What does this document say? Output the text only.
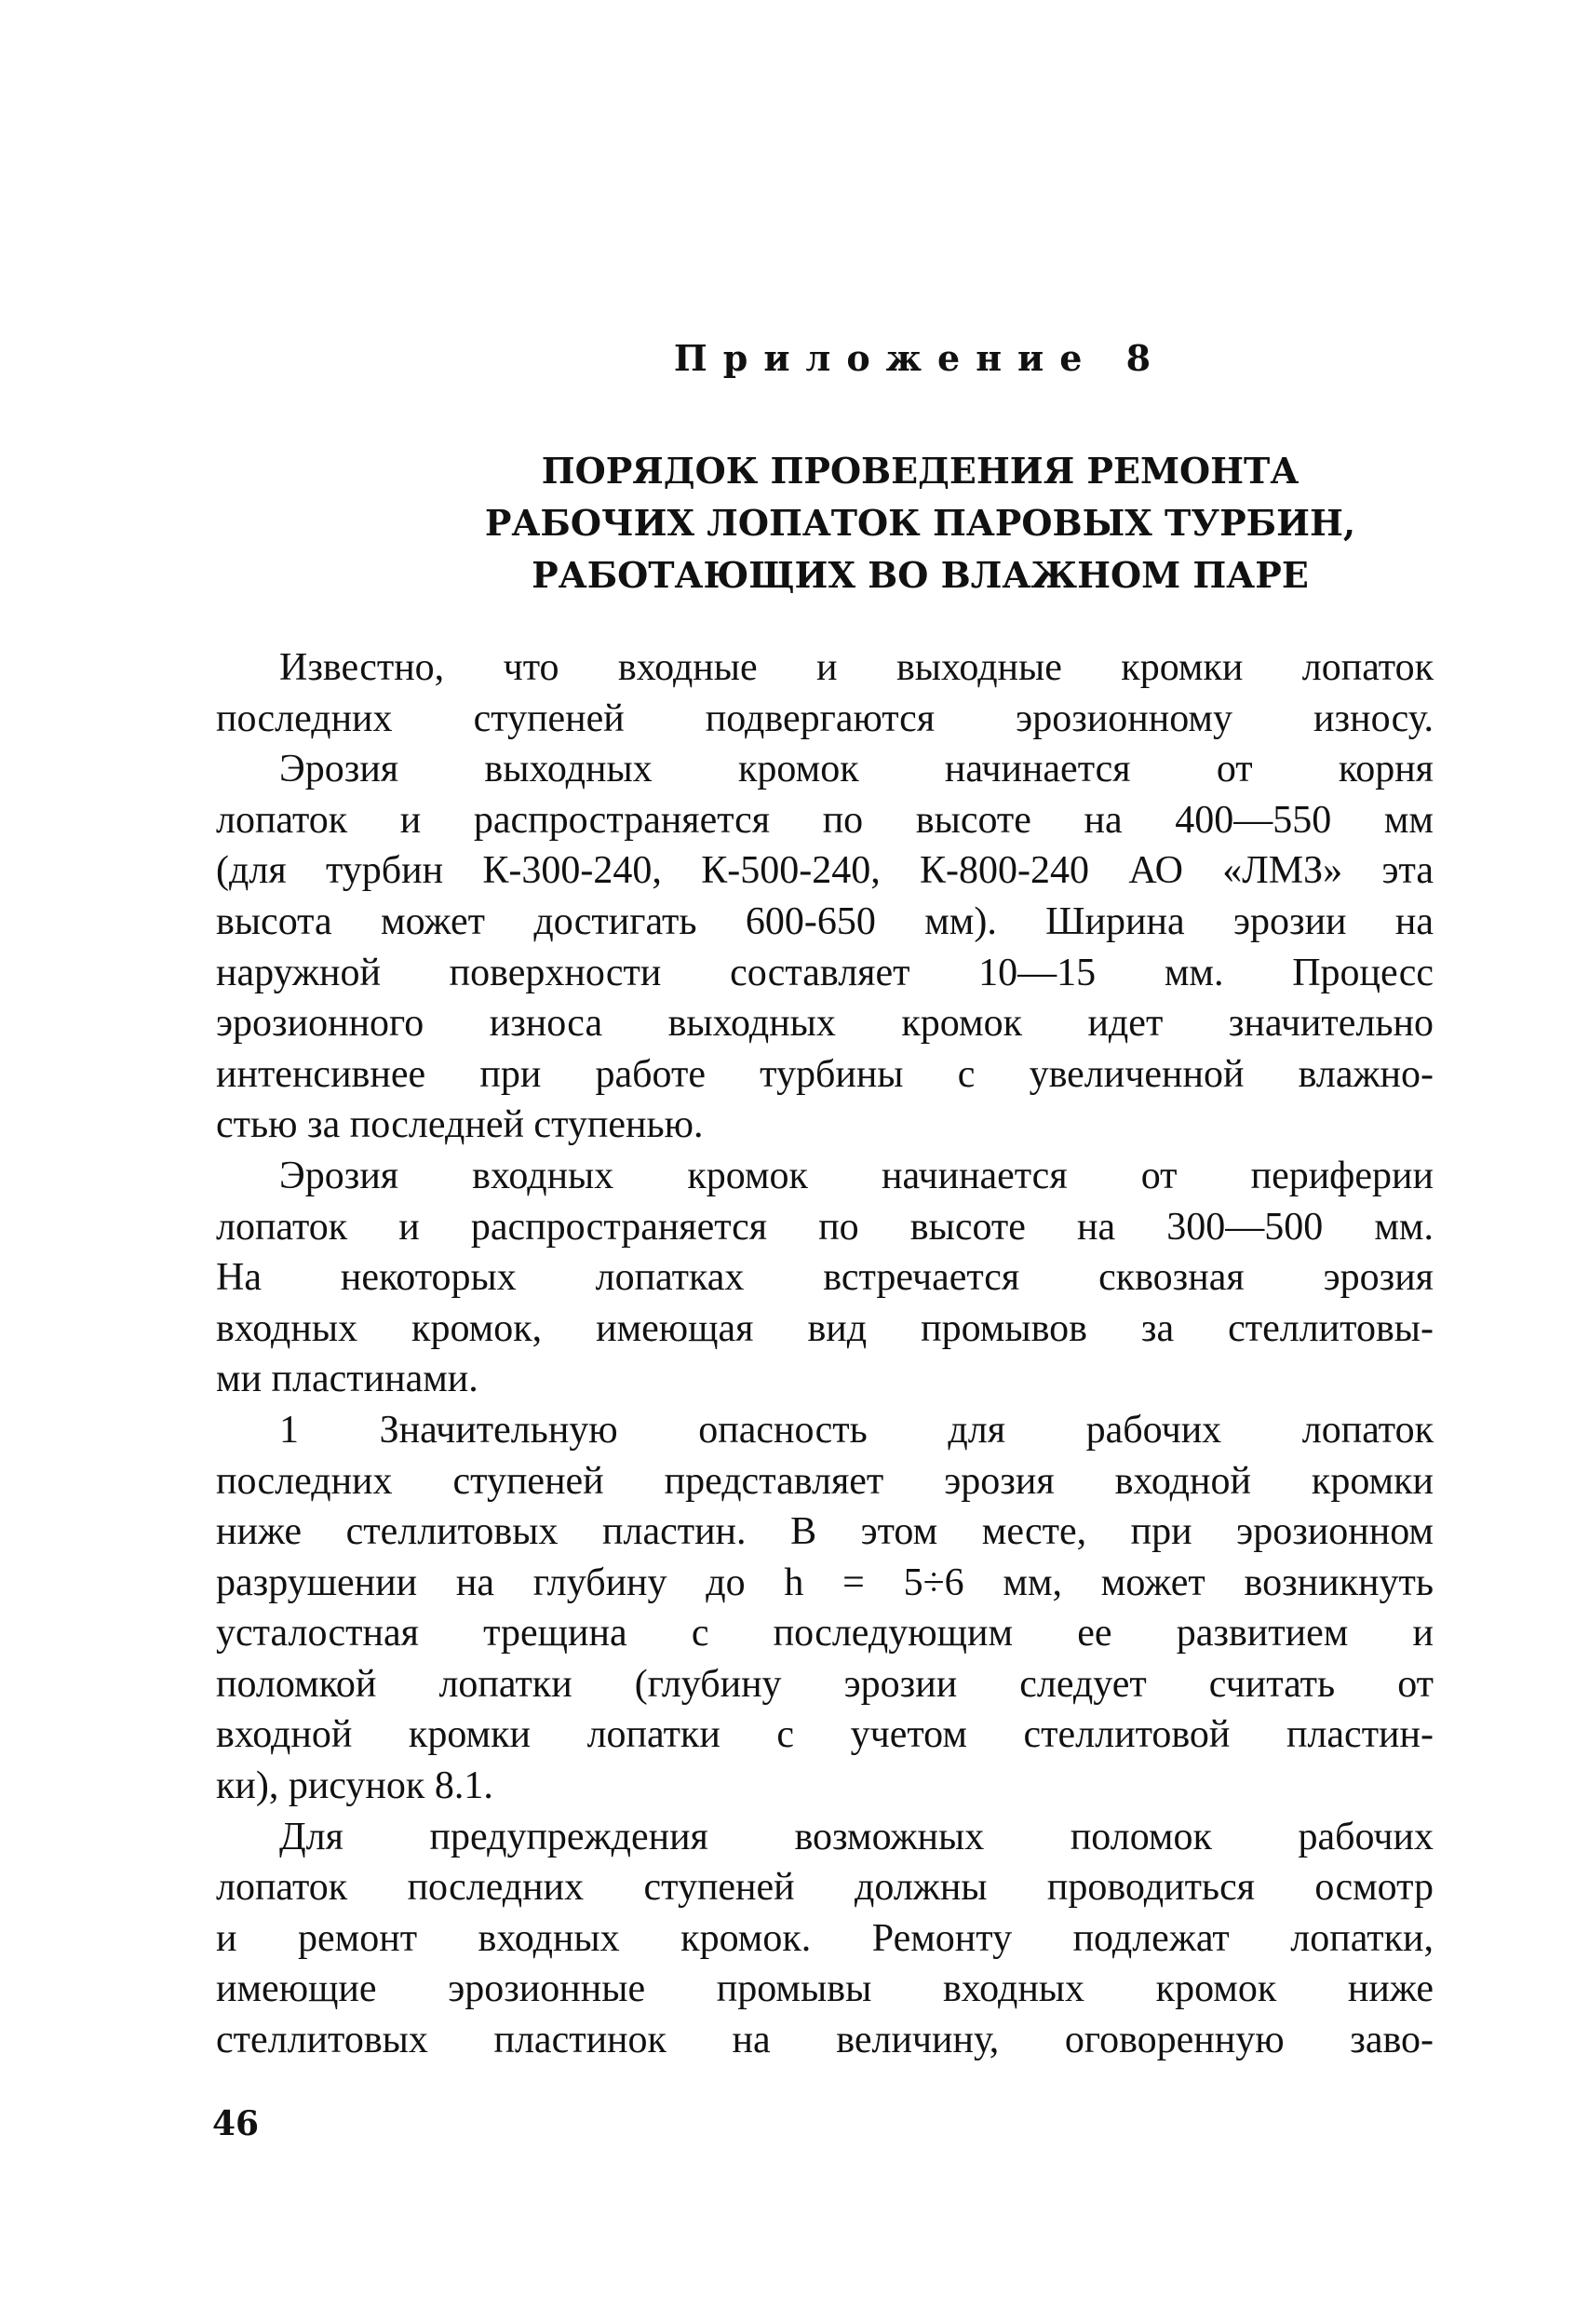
Приложение 8
ПОРЯДОК ПРОВЕДЕНИЯ РЕМОНТА
РАБОЧИХ ЛОПАТОК ПАРОВЫХ ТУРБИН,
РАБОТАЮЩИХ ВО ВЛАЖНОМ ПАРЕ
Известно, что входные и выходные кромки лопаток
последних ступеней подвергаются эрозионному износу.
Эрозия выходных кромок начинается от корня
лопаток и распространяется по высоте на 400—550 мм
(для турбин К-300-240, К-500-240, К-800-240 АО «ЛМЗ» эта
высота может достигать 600-650 мм). Ширина эрозии на
наружной поверхности составляет 10—15 мм. Процесс
эрозионного износа выходных кромок идет значительно
интенсивнее при работе турбины с увеличенной влажно-
стью за последней ступенью.
Эрозия входных кромок начинается от периферии
лопаток и распространяется по высоте на 300—500 мм.
На некоторых лопатках встречается сквозная эрозия
входных кромок, имеющая вид промывов за стеллитовы-
ми пластинами.
1 Значительную опасность для рабочих лопаток
последних ступеней представляет эрозия входной кромки
ниже стеллитовых пластин. В этом месте, при эрозионном
разрушении на глубину до h = 5÷6 мм, может возникнуть
усталостная трещина с последующим ее развитием и
поломкой лопатки (глубину эрозии следует считать от
входной кромки лопатки с учетом стеллитовой пластин-
ки), рисунок 8.1.
Для предупреждения возможных поломок рабочих
лопаток последних ступеней должны проводиться осмотр
и ремонт входных кромок. Ремонту подлежат лопатки,
имеющие эрозионные промывы входных кромок ниже
стеллитовых пластинок на величину, оговоренную заво-
46
